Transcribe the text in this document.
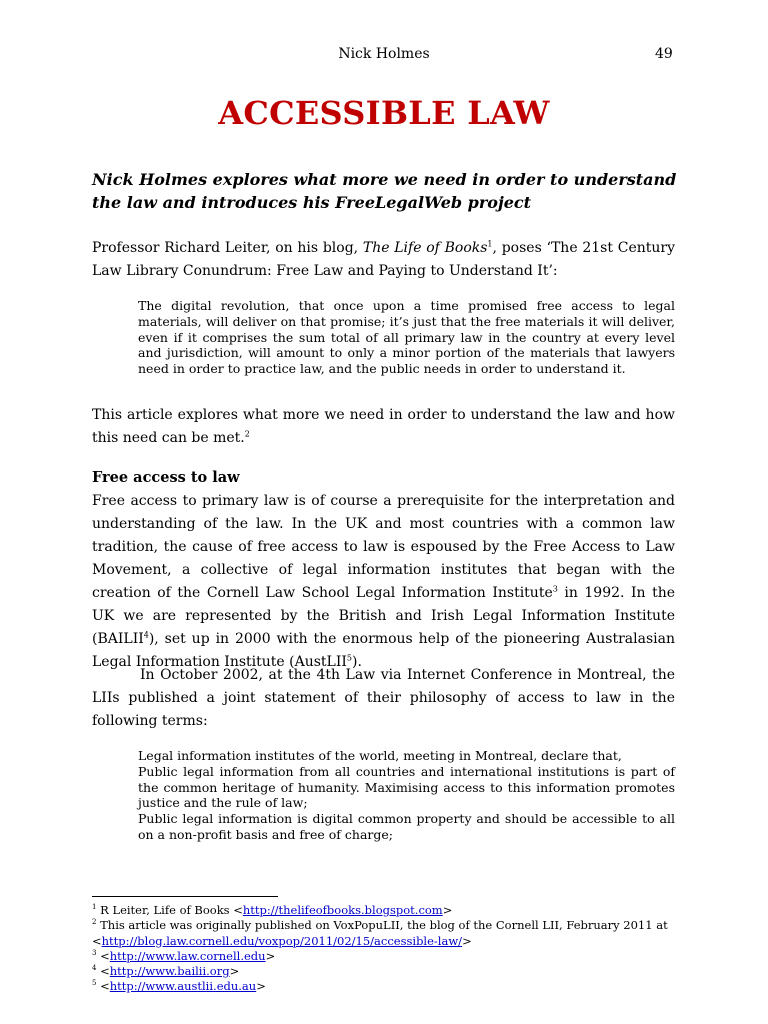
Nick Holmes	49
ACCESSIBLE LAW
Nick Holmes explores what more we need in order to understand the law and introduces his FreeLegalWeb project
Professor Richard Leiter, on his blog, The Life of Books$^1$, poses ‘The 21st Century Law Library Conundrum: Free Law and Paying to Understand It’:
The digital revolution, that once upon a time promised free access to legal materials, will deliver on that promise; it’s just that the free materials it will deliver, even if it comprises the sum total of all primary law in the country at every level and jurisdiction, will amount to only a minor portion of the materials that lawyers need in order to practice law, and the public needs in order to understand it.
This article explores what more we need in order to understand the law and how this need can be met.$^2$
Free access to law
Free access to primary law is of course a prerequisite for the interpretation and understanding of the law. In the UK and most countries with a common law tradition, the cause of free access to law is espoused by the Free Access to Law Movement, a collective of legal information institutes that began with the creation of the Cornell Law School Legal Information Institute$^3$ in 1992. In the UK we are represented by the British and Irish Legal Information Institute (BAILII$^4$), set up in 2000 with the enormous help of the pioneering Australasian Legal Information Institute (AustLII$^5$).
In October 2002, at the 4th Law via Internet Conference in Montreal, the LIIs published a joint statement of their philosophy of access to law in the following terms:
Legal information institutes of the world, meeting in Montreal, declare that,
Public legal information from all countries and international institutions is part of the common heritage of humanity. Maximising access to this information promotes justice and the rule of law;
Public legal information is digital common property and should be accessible to all on a non-profit basis and free of charge;
$^1$ R Leiter, Life of Books <http://thelifeofbooks.blogspot.com>
$^2$ This article was originally published on VoxPopuLII, the blog of the Cornell LII, February 2011 at
<http://blog.law.cornell.edu/voxpop/2011/02/15/accessible-law/>
$^3$ <http://www.law.cornell.edu>
$^4$ <http://www.bailii.org>
$^5$ <http://www.austlii.edu.au>
